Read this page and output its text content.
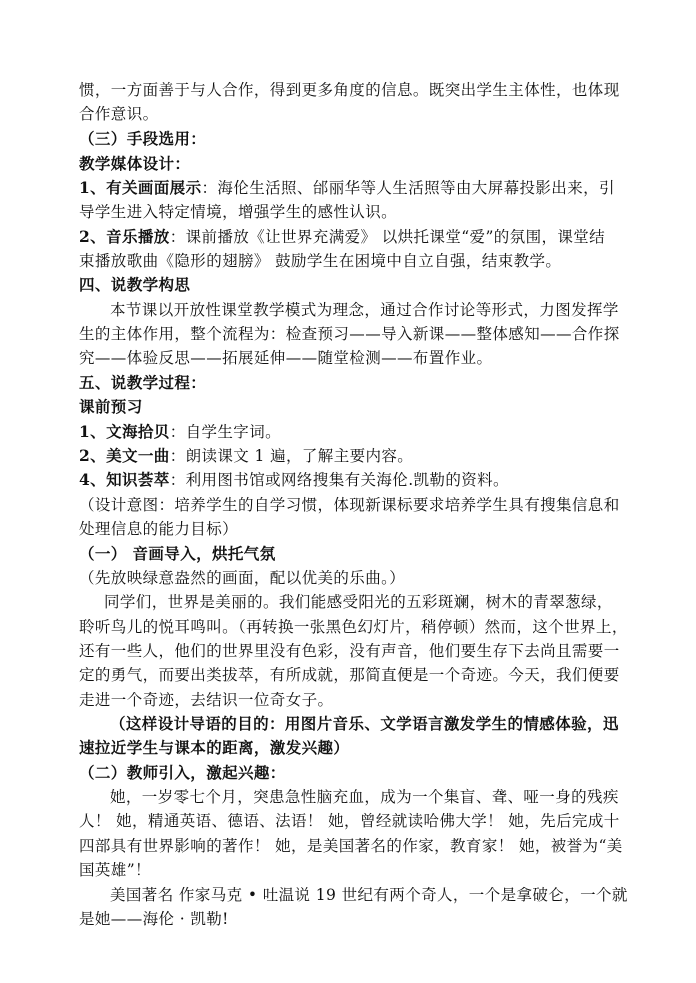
惯，一方面善于与人合作，得到更多角度的信息。既突出学生主体性，也体现
合作意识。
（三）手段选用：
教学媒体设计：
1、有关画面展示：海伦生活照、邰丽华等人生活照等由大屏幕投影出来，引
导学生进入特定情境，增强学生的感性认识。
2、音乐播放：课前播放《让世界充满爱》 以烘托课堂“爱”的氛围，课堂结
束播放歌曲《隐形的翅膀》 鼓励学生在困境中自立自强，结束教学。
四、说教学构思
本节课以开放性课堂教学模式为理念，通过合作讨论等形式，力图发挥学
生的主体作用，整个流程为：检查预习——导入新课——整体感知——合作探
究——体验反思——拓展延伸——随堂检测——布置作业。
五、说教学过程：
课前预习
1、文海拾贝：自学生字词。
2、美文一曲：朗读课文 1 遍，了解主要内容。
4、知识荟萃：利用图书馆或网络搜集有关海伦.凯勒的资料。
（设计意图：培养学生的自学习惯，体现新课标要求培养学生具有搜集信息和
处理信息的能力目标）
（一） 音画导入，烘托气氛
（先放映绿意盎然的画面，配以优美的乐曲。）
同学们，世界是美丽的。我们能感受阳光的五彩斑斓，树木的青翠葱绿，
聆听鸟儿的悦耳鸣叫。（再转换一张黑色幻灯片，稍停顿）然而，这个世界上，
还有一些人，他们的世界里没有色彩，没有声音，他们要生存下去尚且需要一
定的勇气，而要出类拔萃，有所成就，那简直便是一个奇迹。今天，我们便要
走进一个奇迹，去结识一位奇女子。
（这样设计导语的目的：用图片音乐、文学语言激发学生的情感体验，迅
速拉近学生与课本的距离，激发兴趣）
（二）教师引入，激起兴趣：
她，一岁零七个月，突患急性脑充血，成为一个集盲、聋、哑一身的残疾
人！ 她，精通英语、德语、法语！ 她，曾经就读哈佛大学！ 她，先后完成十
四部具有世界影响的著作！ 她，是美国著名的作家，教育家！ 她，被誉为“美
国英雄”！
美国著名 作家马克 • 吐温说 19 世纪有两个奇人，一个是拿破仑，一个就
是她——海伦 · 凯勒!
